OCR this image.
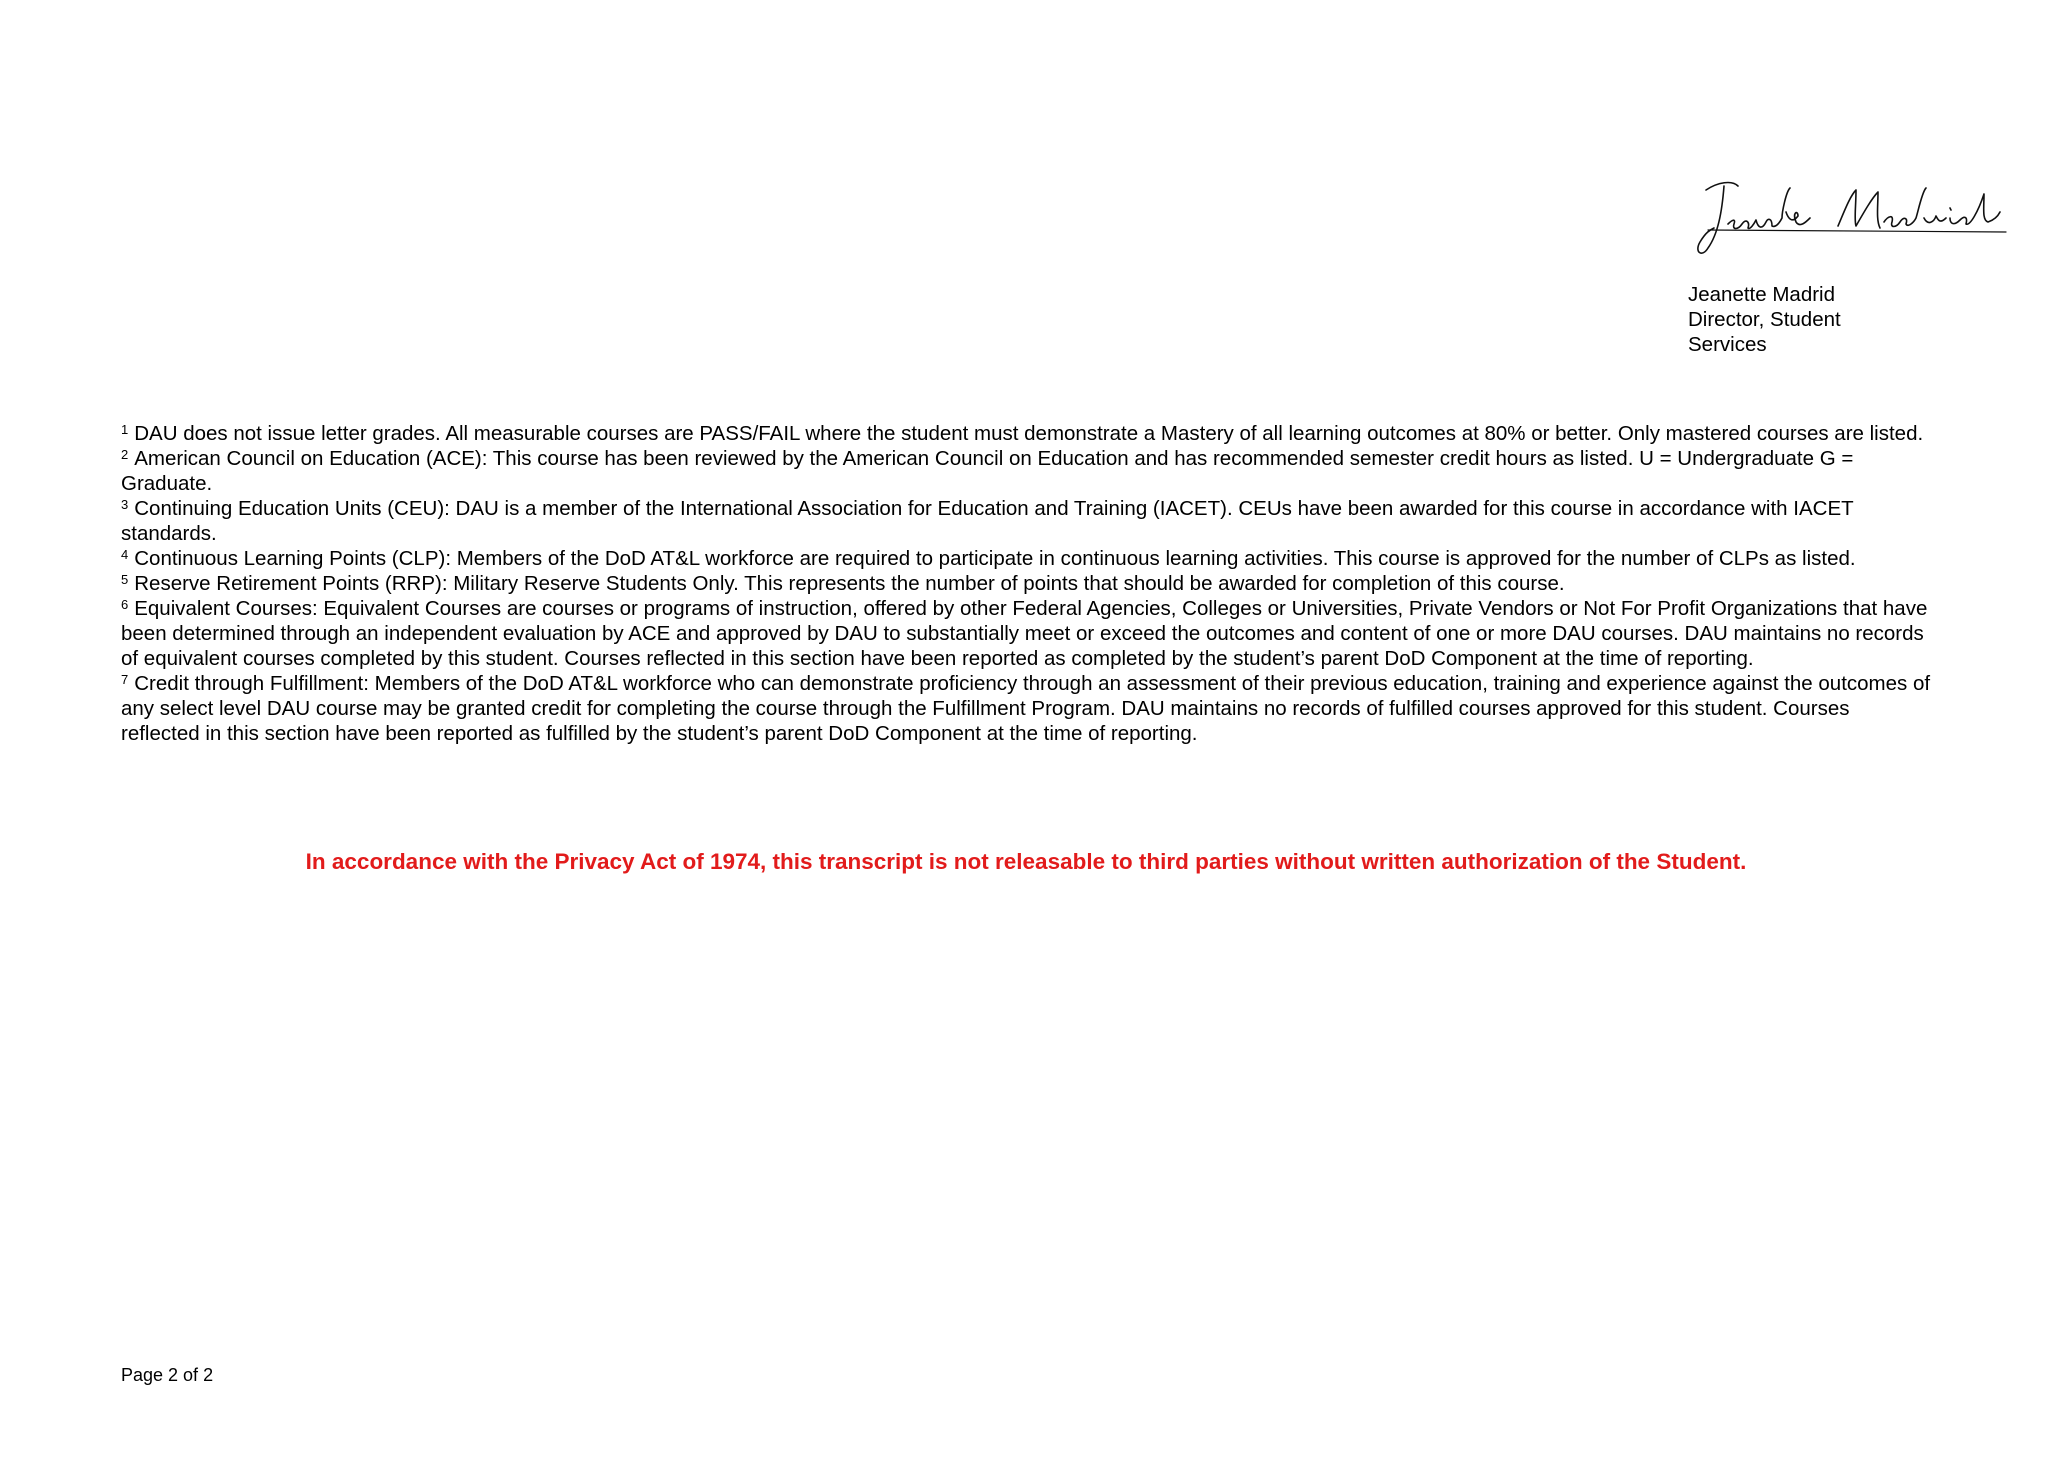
Jeanette Madrid
Director, Student
Services

$^1$ DAU does not issue letter grades. All measurable courses are PASS/FAIL where the student must demonstrate a Mastery of all learning outcomes at 80% or better. Only mastered courses are listed.

$^2$ American Council on Education (ACE): This course has been reviewed by the American Council on Education and has recommended semester credit hours as listed. U = Undergraduate G = Graduate.

$^3$ Continuing Education Units (CEU): DAU is a member of the International Association for Education and Training (IACET). CEUs have been awarded for this course in accordance with IACET standards.

$^4$ Continuous Learning Points (CLP): Members of the DoD AT&L workforce are required to participate in continuous learning activities. This course is approved for the number of CLPs as listed.

$^5$ Reserve Retirement Points (RRP): Military Reserve Students Only. This represents the number of points that should be awarded for completion of this course.

$^6$ Equivalent Courses: Equivalent Courses are courses or programs of instruction, offered by other Federal Agencies, Colleges or Universities, Private Vendors or Not For Profit Organizations that have been determined through an independent evaluation by ACE and approved by DAU to substantially meet or exceed the outcomes and content of one or more DAU courses. DAU maintains no records of equivalent courses completed by this student. Courses reflected in this section have been reported as completed by the student’s parent DoD Component at the time of reporting.

$^7$ Credit through Fulfillment: Members of the DoD AT&L workforce who can demonstrate proficiency through an assessment of their previous education, training and experience against the outcomes of any select level DAU course may be granted credit for completing the course through the Fulfillment Program. DAU maintains no records of fulfilled courses approved for this student. Courses reflected in this section have been reported as fulfilled by the student’s parent DoD Component at the time of reporting.

In accordance with the Privacy Act of 1974, this transcript is not releasable to third parties without written authorization of the Student.
Page 2 of 2
